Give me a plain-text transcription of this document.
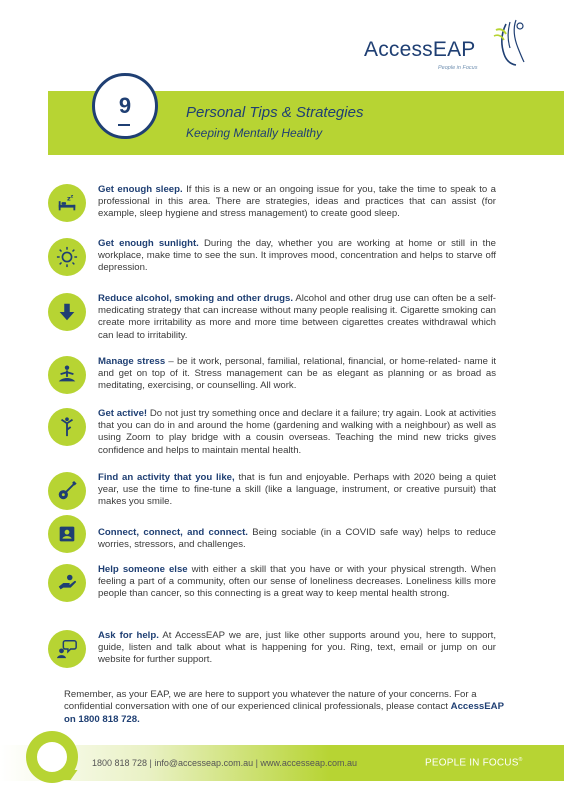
AccessEAP
People in Focus
9	Personal Tips & Strategies
Keeping Mentally Healthy
z z
Get enough sleep. If this is a new or an ongoing issue for you, take the time to speak to a professional in this area. There are strategies, ideas and practices that can assist (for example, sleep hygiene and stress management) to create good sleep.
Get enough sunlight. During the day, whether you are working at home or still in the workplace, make time to see the sun. It improves mood, concentration and helps to starve off depression.
Reduce alcohol, smoking and other drugs. Alcohol and other drug use can often be a self-medicating strategy that can increase without many people realising it. Cigarette smoking can create more irritability as more and more time between cigarettes creates withdrawal which can lead to irritability.
Manage stress – be it work, personal, familial, relational, financial, or home-related- name it and get on top of it. Stress management can be as elegant as planning or as broad as meditating, exercising, or counselling. All work.
Get active! Do not just try something once and declare it a failure; try again. Look at activities that you can do in and around the home (gardening and walking with a neighbour) as well as using Zoom to play bridge with a cousin overseas. Teaching the mind new tricks gives confidence and helps to maintain mental health.
Find an activity that you like, that is fun and enjoyable. Perhaps with 2020 being a quiet year, use the time to fine-tune a skill (like a language, instrument, or creative pursuit) that makes you smile.
Connect, connect, and connect. Being sociable (in a COVID safe way) helps to reduce worries, stressors, and challenges.
Help someone else with either a skill that you have or with your physical strength. When feeling a part of a community, often our sense of loneliness decreases. Loneliness kills more people than cancer, so this connecting is a great way to keep mental health strong.
Ask for help. At AccessEAP we are, just like other supports around you, here to support, guide, listen and talk about what is happening for you. Ring, text, email or jump on our website for further support.
Remember, as your EAP, we are here to support you whatever the nature of your concerns. For a confidential conversation with one of our experienced clinical professionals, please contact AccessEAP on 1800 818 728.
1800 818 728 | info@accesseap.com.au | www.accesseap.com.au	PEOPLE IN FOCUS®
